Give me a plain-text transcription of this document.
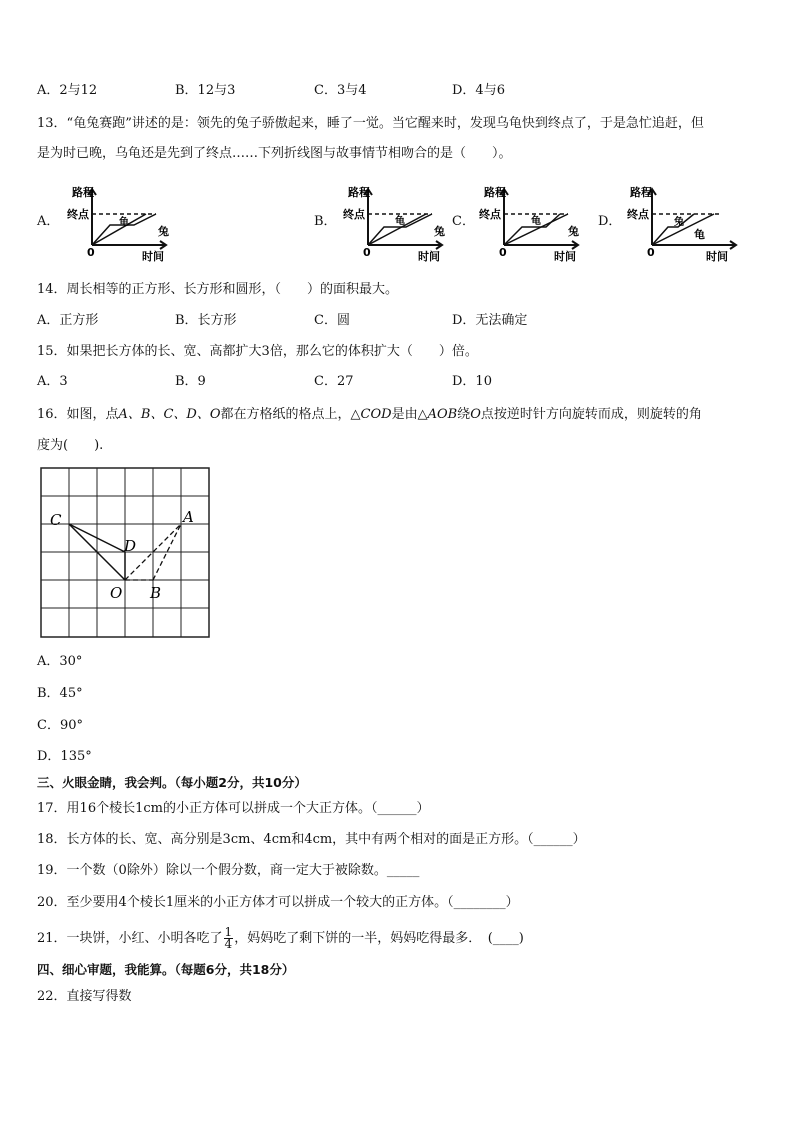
A．2与12	B．12与3	C．3与4	D．4与6
13．“龟兔赛跑”讲述的是：领先的兔子骄傲起来，睡了一觉。当它醒来时，发现乌龟快到终点了，于是急忙追赶，但
是为时已晚，乌龟还是先到了终点……下列折线图与故事情节相吻合的是（　　）。
A．	B．	C．	D．
路程
终点
0	时间
龟
兔
路程
终点
0	时间
龟
兔
路程
终点
0	时间
龟
兔
路程
终点
0	时间
兔
龟
14．周长相等的正方形、长方形和圆形，（　　）的面积最大。
A．正方形	B．长方形	C．圆	D．无法确定
15．如果把长方体的长、宽、高都扩大3倍，那么它的体积扩大（　　）倍。
A．3	B．9	C．27	D．10
16．如图，点A、B、C、D、O都在方格纸的格点上，△COD是由△AOB绕O点按逆时针方向旋转而成，则旋转的角
度为(　　).
C
D
A
O B
A．30°
B．45°
C．90°
D．135°
三、火眼金睛，我会判。（每小题2分，共10分）
17．用16个棱长1cm的小正方体可以拼成一个大正方体。（______）
18．长方体的长、宽、高分别是3cm、4cm和4cm，其中有两个相对的面是正方形。（______）
19．一个数（0除外）除以一个假分数，商一定大于被除数。_____
20．至少要用4个棱长1厘米的小正方体才可以拼成一个较大的正方体。（________）
21．一块饼，小红、小明各吃了 $\frac{1}{4}$ ，妈妈吃了剩下饼的一半，妈妈吃得最多．　(____)
四、细心审题，我能算。（每题6分，共18分）
22．直接写得数
